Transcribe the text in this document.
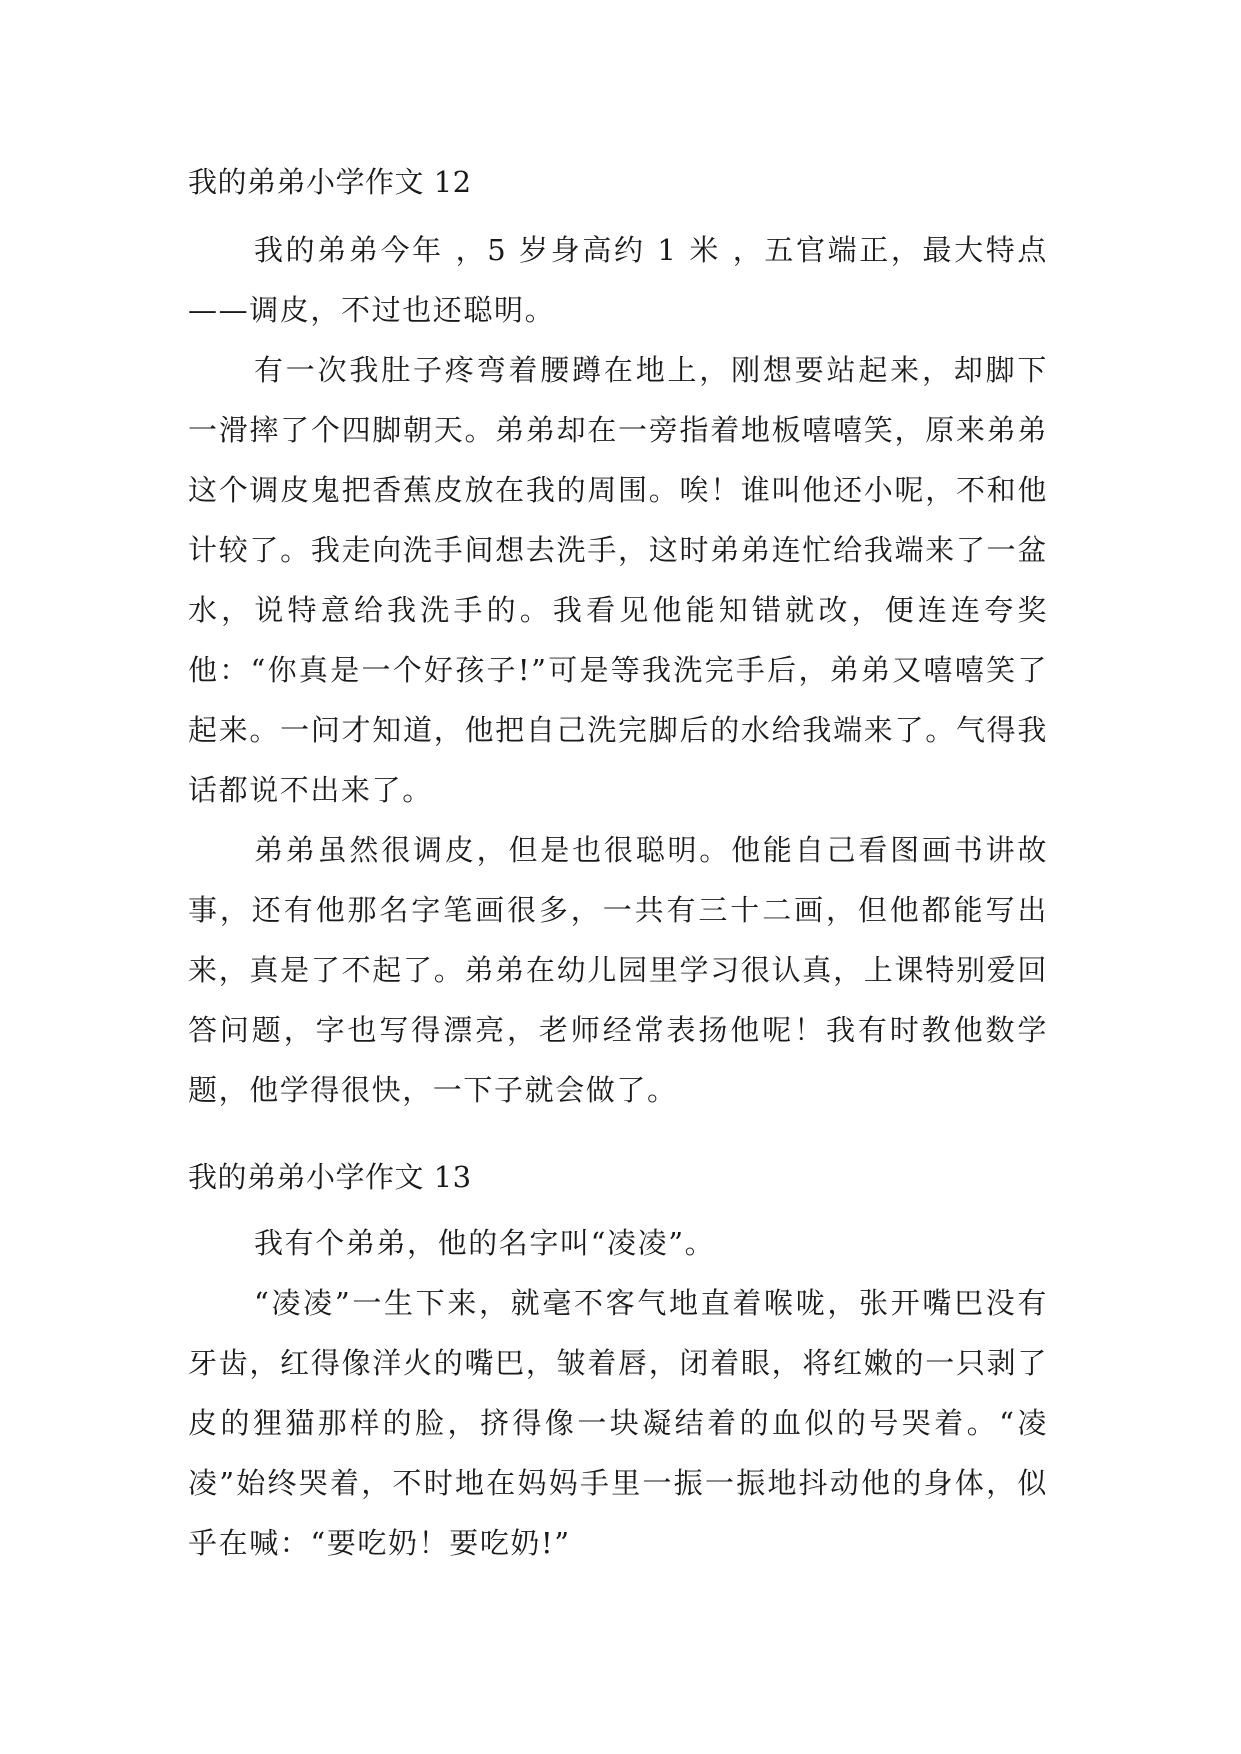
我的弟弟小学作文 12

我的弟弟今年 ，5 岁身高约 1 米 ，五官端正，最大特点——调皮，不过也还聪明。

有一次我肚子疼弯着腰蹲在地上，刚想要站起来，却脚下一滑摔了个四脚朝天。弟弟却在一旁指着地板嘻嘻笑，原来弟弟这个调皮鬼把香蕉皮放在我的周围。唉！谁叫他还小呢，不和他计较了。我走向洗手间想去洗手，这时弟弟连忙给我端来了一盆水，说特意给我洗手的。我看见他能知错就改，便连连夸奖他：“你真是一个好孩子!”可是等我洗完手后，弟弟又嘻嘻笑了起来。一问才知道，他把自己洗完脚后的水给我端来了。气得我话都说不出来了。

弟弟虽然很调皮，但是也很聪明。他能自己看图画书讲故事，还有他那名字笔画很多，一共有三十二画，但他都能写出来，真是了不起了。弟弟在幼儿园里学习很认真，上课特别爱回答问题，字也写得漂亮，老师经常表扬他呢！我有时教他数学题，他学得很快，一下子就会做了。

我的弟弟小学作文 13

我有个弟弟，他的名字叫“凌凌”。

“凌凌”一生下来，就毫不客气地直着喉咙，张开嘴巴没有牙齿，红得像洋火的嘴巴，皱着唇，闭着眼，将红嫩的一只剥了皮的狸猫那样的脸，挤得像一块凝结着的血似的号哭着。“凌凌”始终哭着，不时地在妈妈手里一振一振地抖动他的身体，似乎在喊：“要吃奶！要吃奶!”
